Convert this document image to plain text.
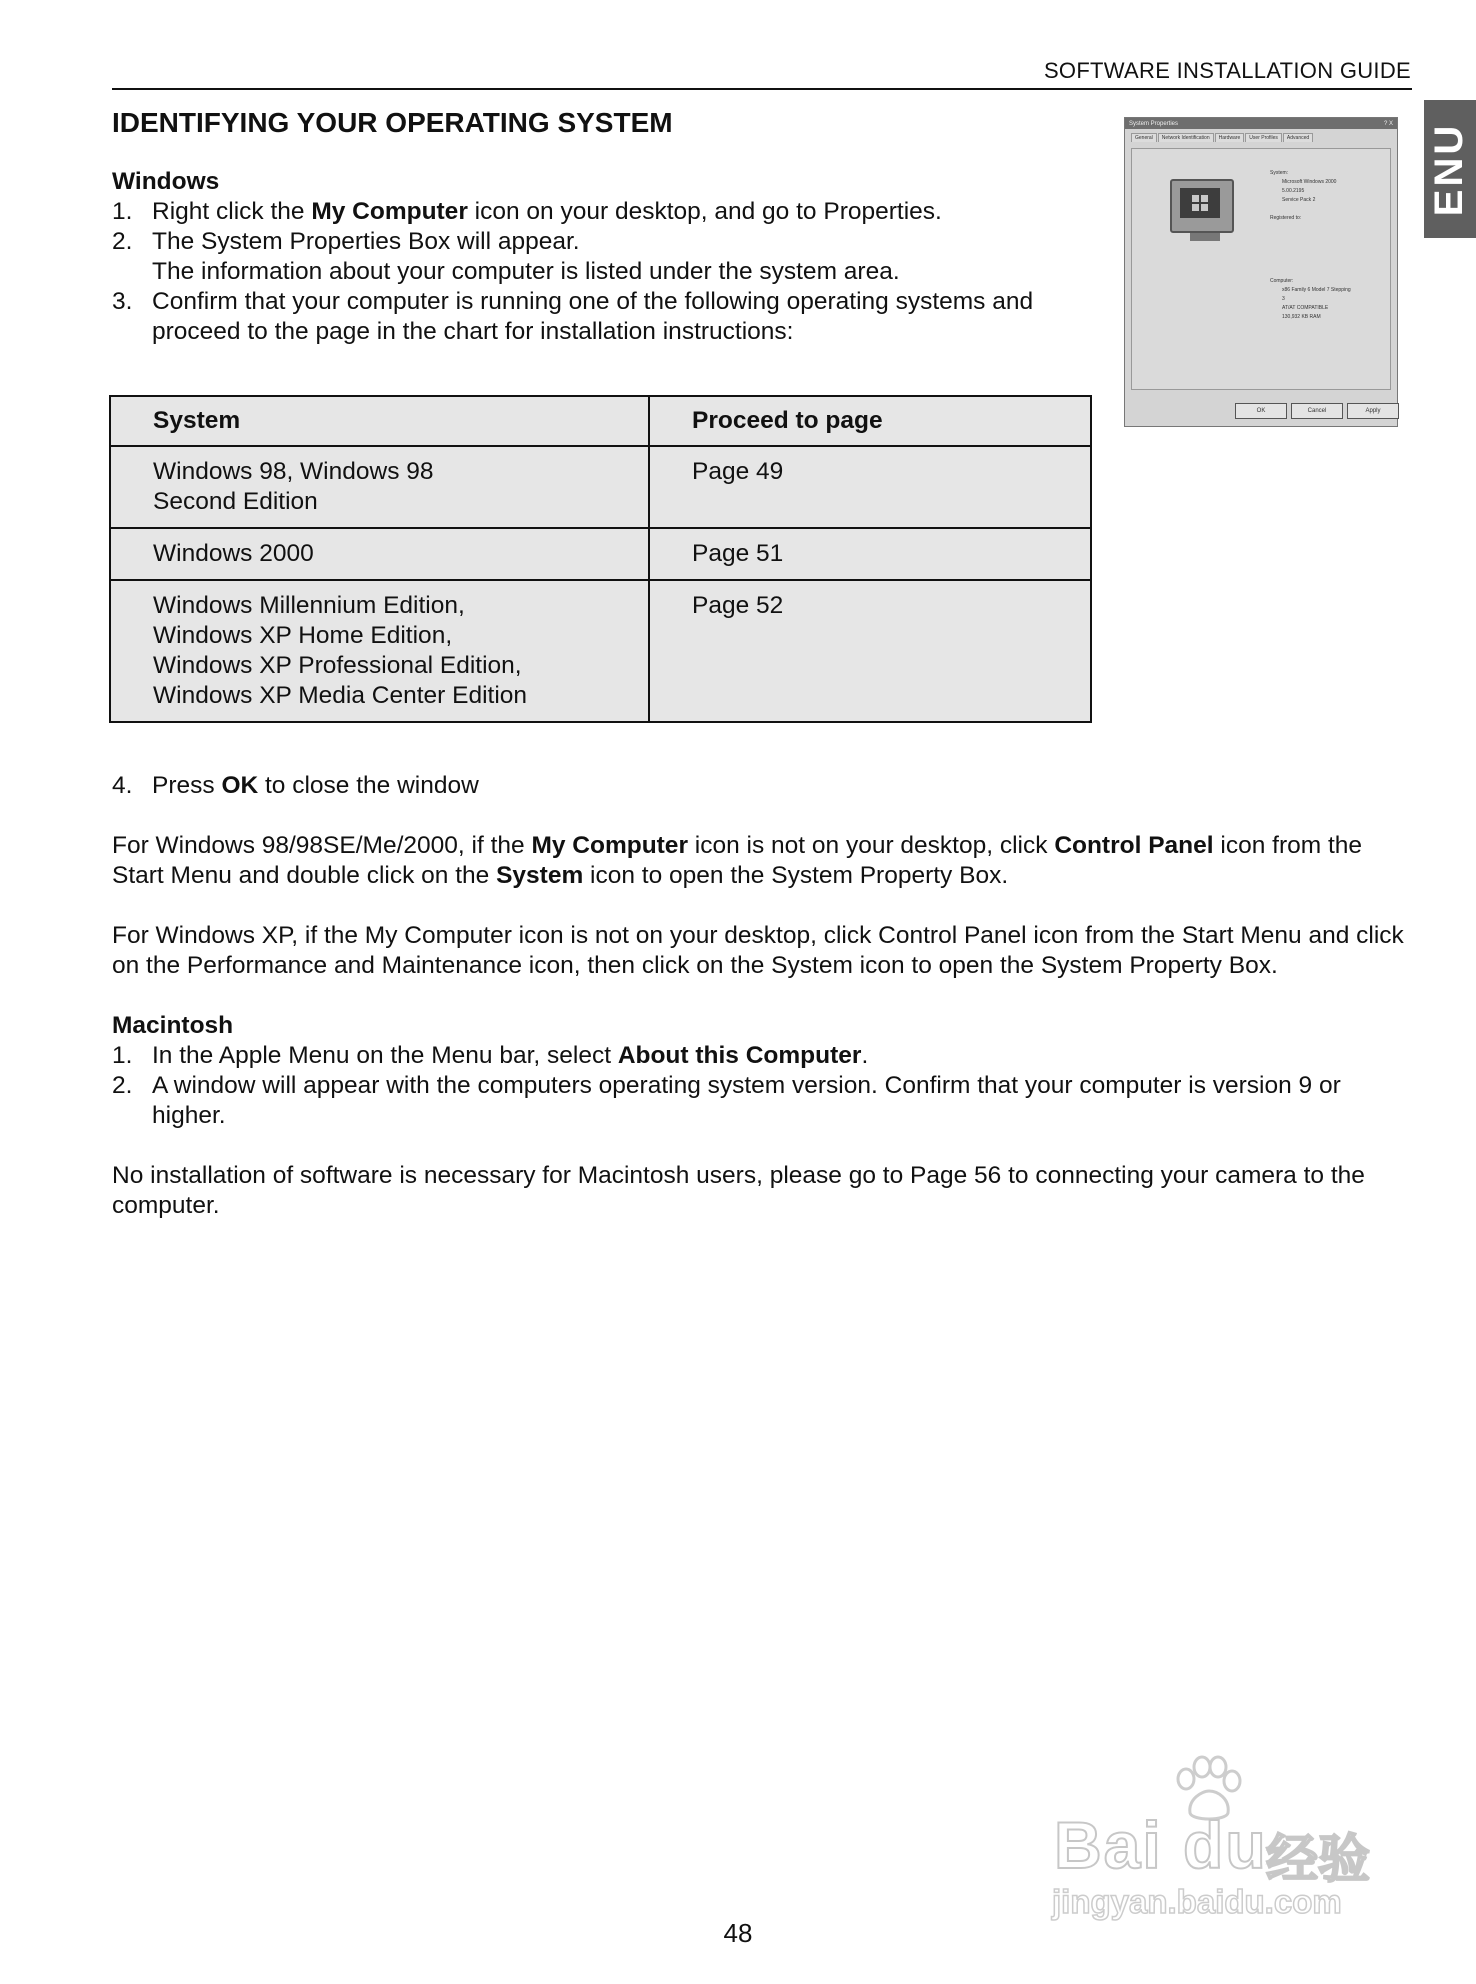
SOFTWARE INSTALLATION GUIDE
ENU
IDENTIFYING YOUR OPERATING SYSTEM

Windows

1. Right click the My Computer icon on your desktop, and go to Properties.
2. The System Properties Box will appear.
The information about your computer is listed under the system area.
3. Confirm that your computer is running one of the following operating systems and proceed to the page in the chart for installation instructions:
System	Proceed to page
Windows 98, Windows 98
Second Edition	Page 49
Windows 2000	Page 51
Windows Millennium Edition,
Windows XP Home Edition,
Windows XP Professional Edition,
Windows XP Media Center Edition	Page 52
4. Press OK to close the window

For Windows 98/98SE/Me/2000, if the My Computer icon is not on your desktop, click Control Panel icon from the Start Menu and double click on the System icon to open the System Property Box.

For Windows XP, if the My Computer icon is not on your desktop, click Control Panel icon from the Start Menu and click on the Performance and Maintenance icon, then click on the System icon to open the System Property Box.

Macintosh

1. In the Apple Menu on the Menu bar, select About this Computer.
2. A window will appear with the computers operating system version. Confirm that your computer is version 9 or higher.

No installation of software is necessary for Macintosh users, please go to Page 56 to connecting your camera to the computer.

System Properties	? X
General	Network Identification	Hardware	User Profiles	Advanced
System:
Microsoft Windows 2000
5.00.2195
Service Pack 2
Registered to:
Computer:
x86 Family 6 Model 7 Stepping
3
AT/AT COMPATIBLE
130,932 KB RAM
OK	Cancel	Apply
48
Bai du
经验
jingyan.baidu.com
